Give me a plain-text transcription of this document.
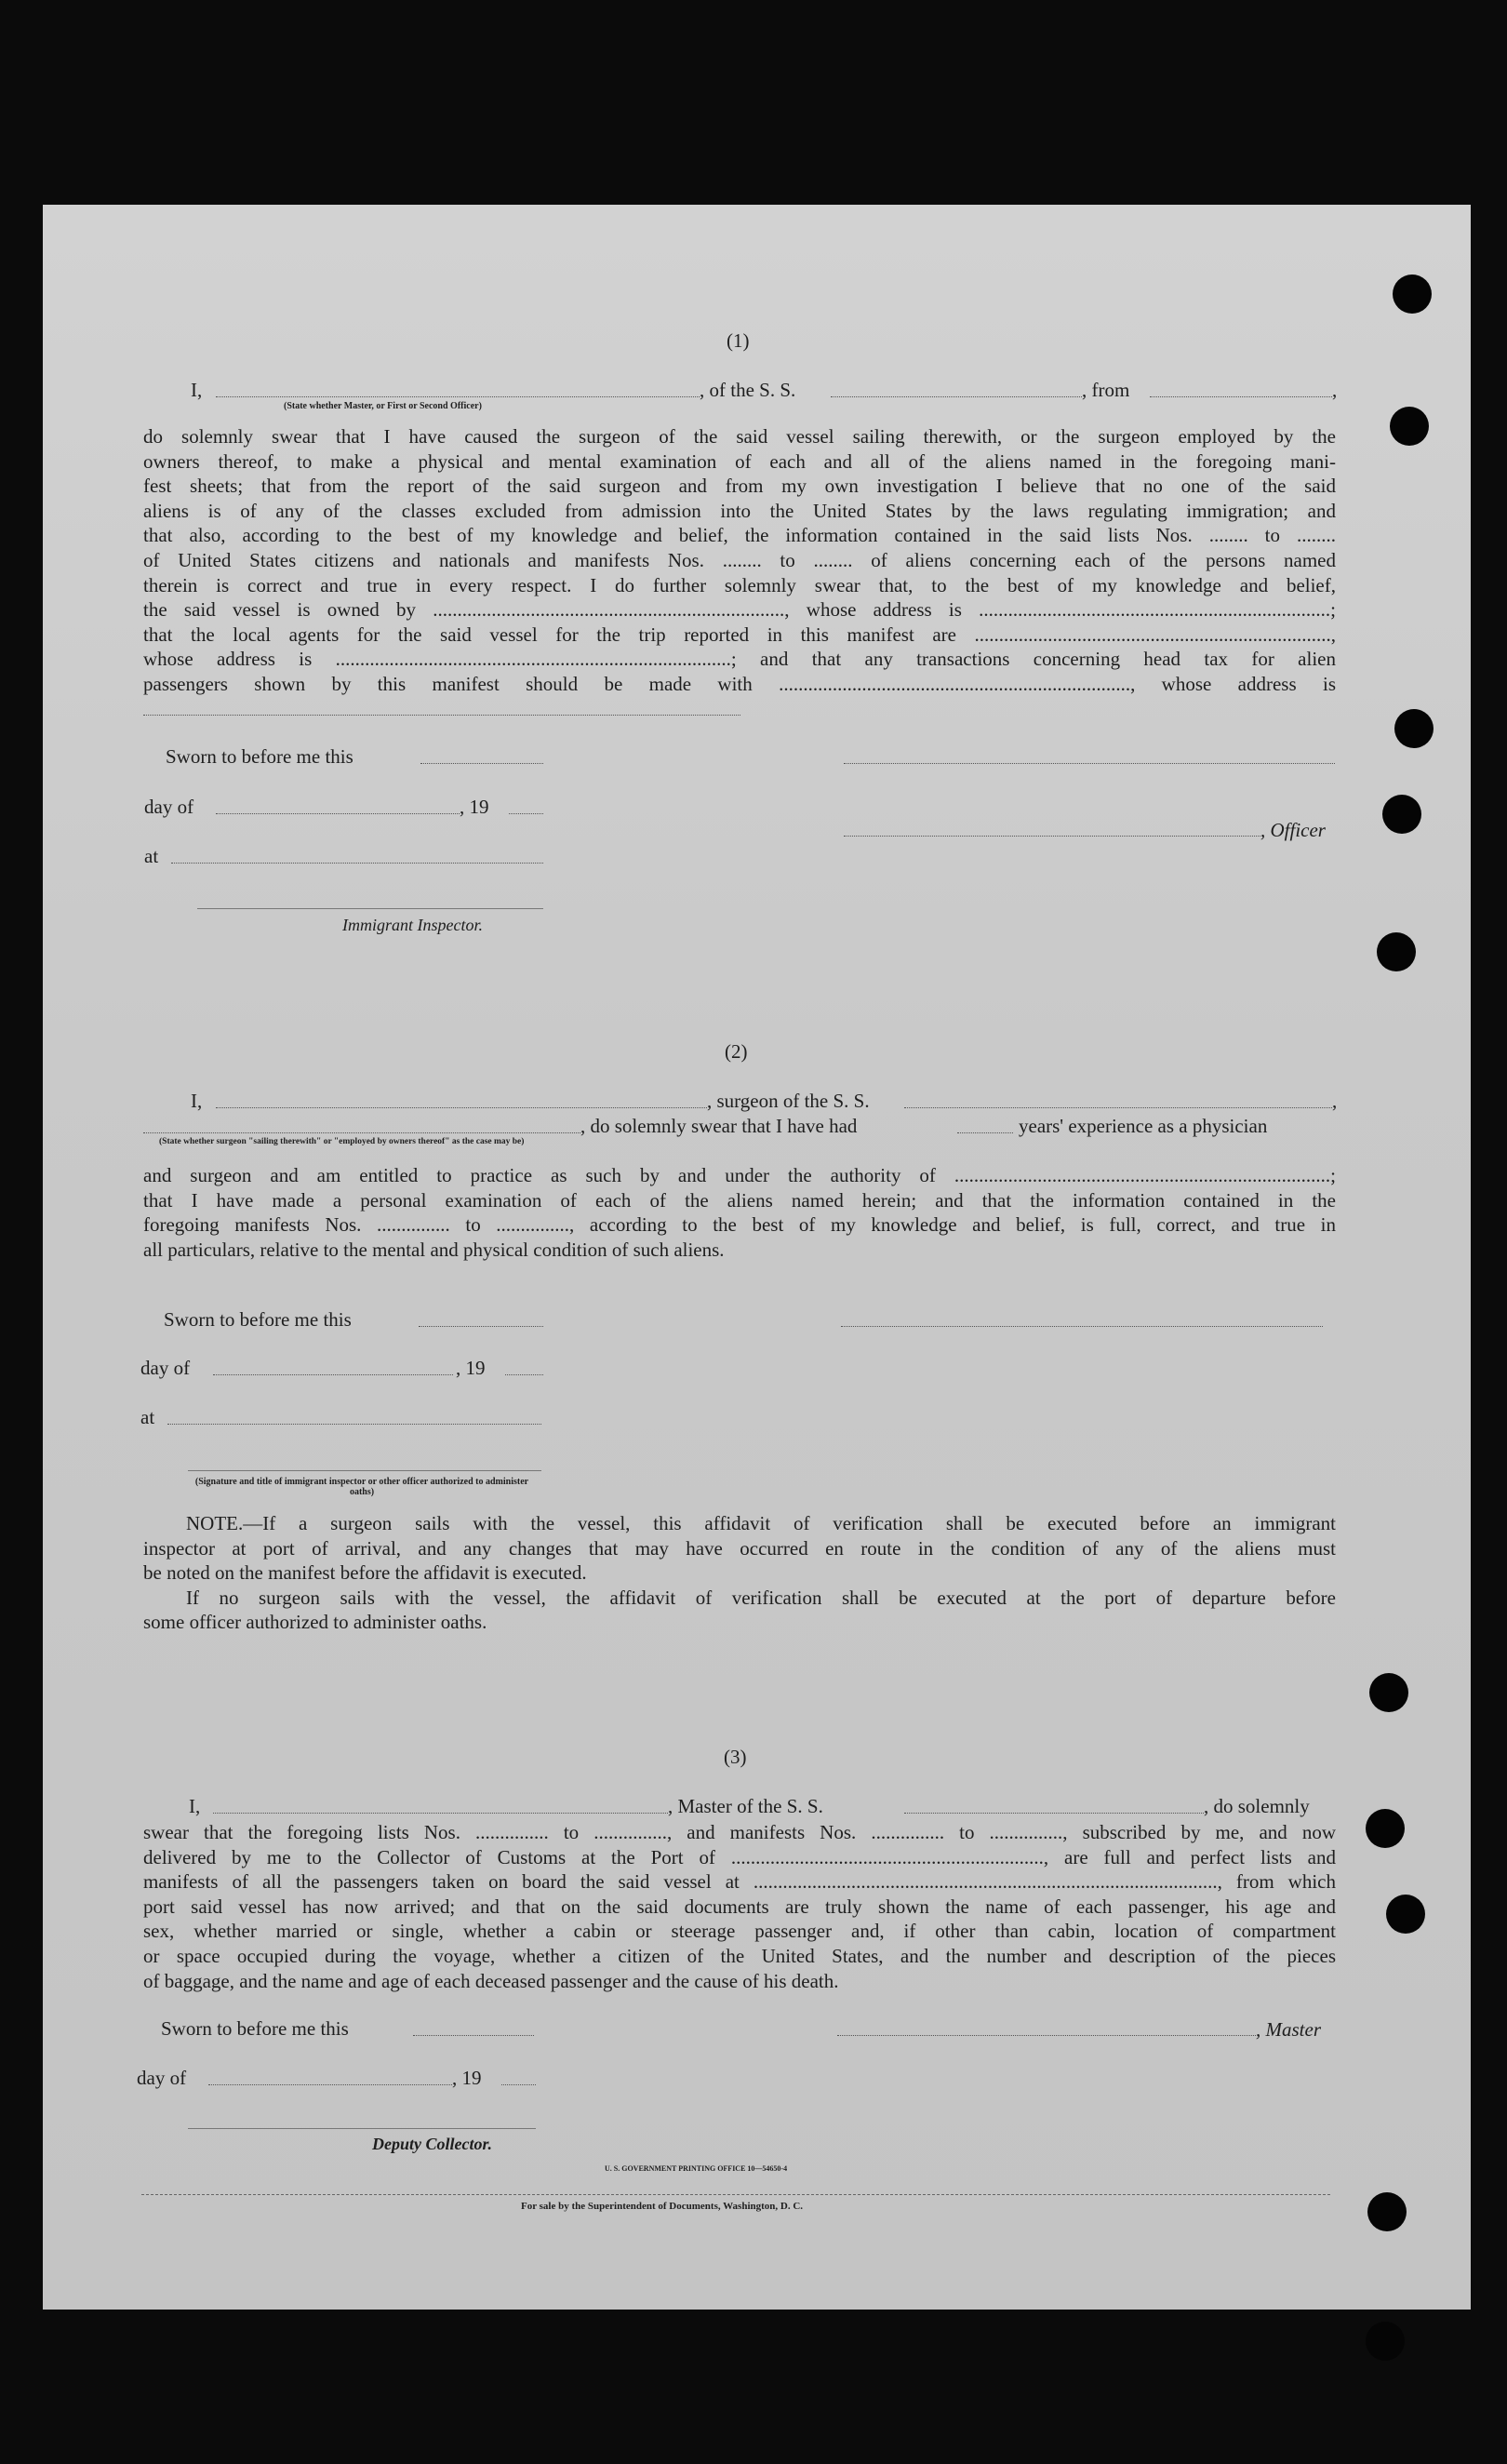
(1)
I,	, of the S. S.	, from	,
(State whether Master, or First or Second Officer)
do solemnly swear that I have caused the surgeon of the said vessel sailing therewith, or the surgeon employed by the
owners thereof, to make a physical and mental examination of each and all of the aliens named in the foregoing mani-
fest sheets; that from the report of the said surgeon and from my own investigation I believe that no one of the said
aliens is of any of the classes excluded from admission into the United States by the laws regulating immigration; and
that also, according to the best of my knowledge and belief, the information contained in the said lists Nos. ........ to ........
of United States citizens and nationals and manifests Nos. ........ to ........ of aliens concerning each of the persons named
therein is correct and true in every respect. I do further solemnly swear that, to the best of my knowledge and belief,
the said vessel is owned by ........................................................................, whose address is ........................................................................;
that the local agents for the said vessel for the trip reported in this manifest are .........................................................................,
whose address is .................................................................................; and that any transactions concerning head tax for alien
passengers shown by this manifest should be made with ........................................................................, whose address is
Sworn to before me this
day of	, 19
, Officer
at
Immigrant Inspector.
(2)
I,	, surgeon of the S. S.	,
, do solemnly swear that I have had	years' experience as a physician
(State whether surgeon "sailing therewith" or "employed by owners thereof" as the case may be)
and surgeon and am entitled to practice as such by and under the authority of .............................................................................;
that I have made a personal examination of each of the aliens named herein; and that the information contained in the
foregoing manifests Nos. ............... to ..............., according to the best of my knowledge and belief, is full, correct, and true in
all particulars, relative to the mental and physical condition of such aliens.
Sworn to before me this
day of	, 19
at
(Signature and title of immigrant inspector or other officer authorized to administer oaths)
NOTE.—If a surgeon sails with the vessel, this affidavit of verification shall be executed before an immigrant
inspector at port of arrival, and any changes that may have occurred en route in the condition of any of the aliens must
be noted on the manifest before the affidavit is executed.
If no surgeon sails with the vessel, the affidavit of verification shall be executed at the port of departure before
some officer authorized to administer oaths.
(3)
I,	, Master of the S. S.	, do solemnly
swear that the foregoing lists Nos. ............... to ..............., and manifests Nos. ............... to ..............., subscribed by me, and now
delivered by me to the Collector of Customs at the Port of ................................................................, are full and perfect lists and
manifests of all the passengers taken on board the said vessel at ..............................................................................................., from which
port said vessel has now arrived; and that on the said documents are truly shown the name of each passenger, his age and
sex, whether married or single, whether a cabin or steerage passenger and, if other than cabin, location of compartment
or space occupied during the voyage, whether a citizen of the United States, and the number and description of the pieces
of baggage, and the name and age of each deceased passenger and the cause of his death.
Sworn to before me this	, Master
day of	, 19
Deputy Collector.
U. S. GOVERNMENT PRINTING OFFICE 10—54650-4
For sale by the Superintendent of Documents, Washington, D. C.
